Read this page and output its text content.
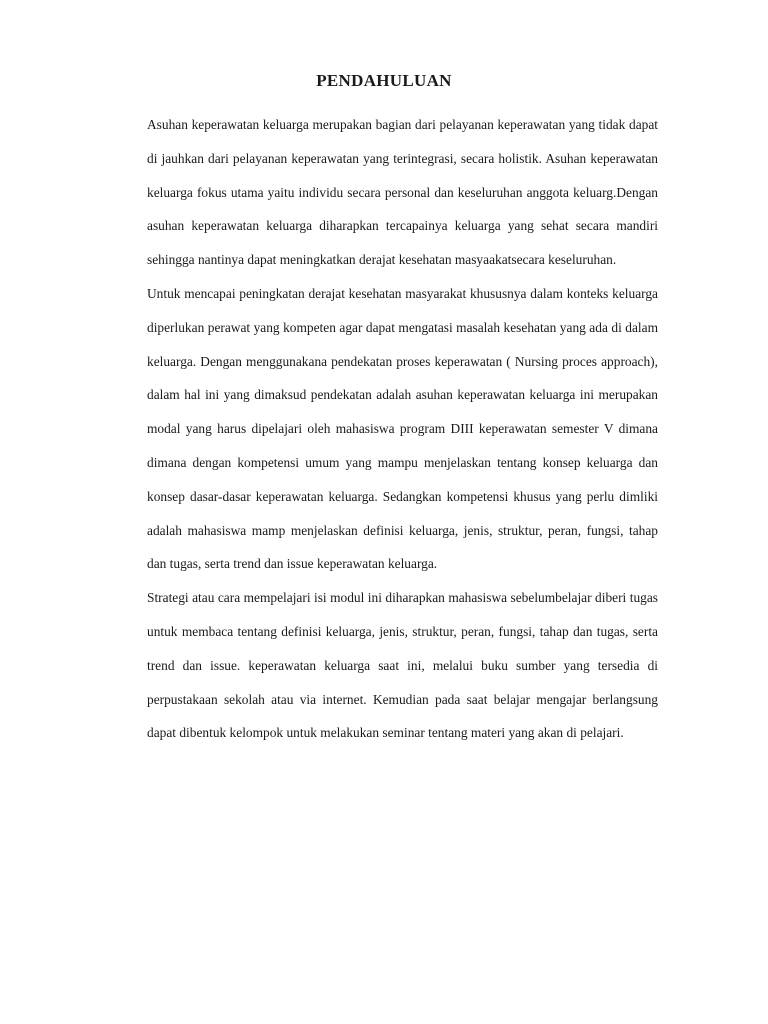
PENDAHULUAN

Asuhan keperawatan keluarga merupakan bagian dari pelayanan keperawatan yang tidak dapat di jauhkan dari pelayanan keperawatan yang terintegrasi, secara holistik. Asuhan keperawatan keluarga fokus utama yaitu individu secara personal dan keseluruhan anggota keluarg.Dengan asuhan keperawatan keluarga diharapkan tercapainya keluarga yang sehat secara mandiri sehingga nantinya dapat meningkatkan derajat kesehatan masyaakatsecara keseluruhan.

Untuk mencapai peningkatan derajat kesehatan masyarakat khususnya dalam konteks keluarga diperlukan perawat yang kompeten agar dapat mengatasi masalah kesehatan yang ada di dalam keluarga. Dengan menggunakana pendekatan proses keperawatan ( Nursing proces approach), dalam hal ini yang dimaksud pendekatan adalah asuhan keperawatan keluarga ini merupakan modal yang harus dipelajari oleh mahasiswa program DIII keperawatan semester V dimana dimana dengan kompetensi umum yang mampu menjelaskan tentang konsep keluarga dan konsep dasar-dasar keperawatan keluarga. Sedangkan kompetensi khusus yang perlu dimliki adalah mahasiswa mamp menjelaskan definisi keluarga, jenis, struktur, peran, fungsi, tahap dan tugas, serta trend dan issue keperawatan keluarga.

Strategi atau cara mempelajari isi modul ini diharapkan mahasiswa sebelumbelajar diberi tugas untuk membaca tentang definisi keluarga, jenis, struktur, peran, fungsi, tahap dan tugas, serta trend dan issue. keperawatan keluarga saat ini, melalui buku sumber yang tersedia di perpustakaan sekolah atau via internet. Kemudian pada saat belajar mengajar berlangsung dapat dibentuk kelompok untuk melakukan seminar tentang materi yang akan di pelajari.
